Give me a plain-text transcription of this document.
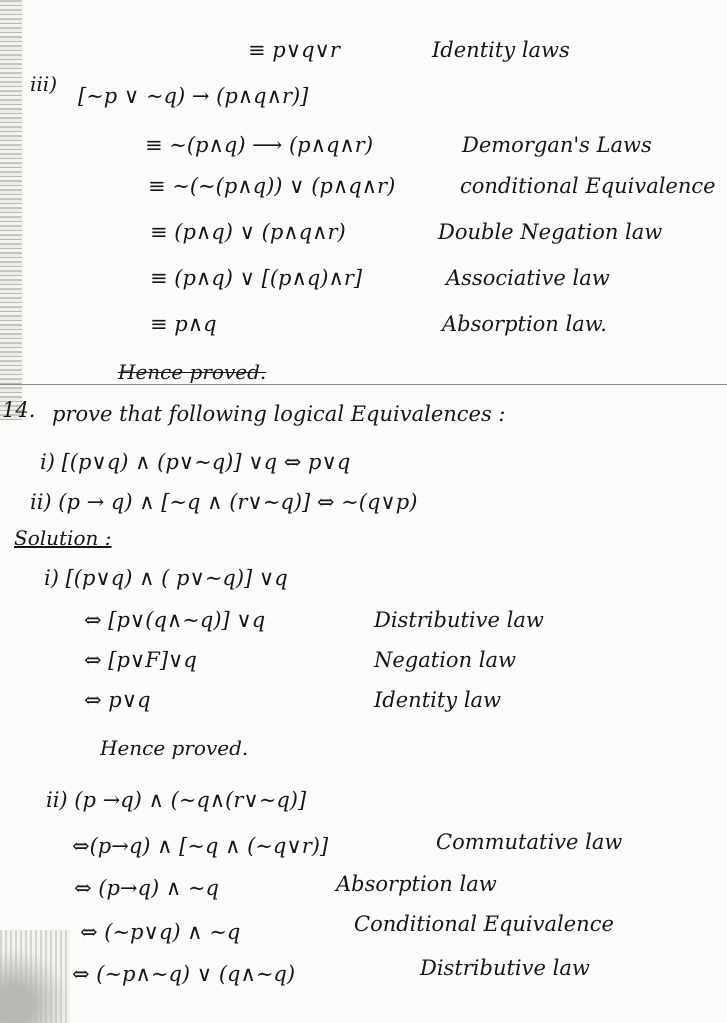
≡ p∨q∨r	Identity laws
iii) [∼p ∨ ∼q) → (p∧q∧r)]
≡ ∼(p∧q) ⟶ (p∧q∧r)	Demorgan's Laws
≡ ∼(∼(p∧q)) ∨ (p∧q∧r)	conditional Equivalence
≡ (p∧q) ∨ (p∧q∧r)	Double Negation law
≡ (p∧q) ∨ [(p∧q)∧r]	Associative law
≡ p∧q	Absorption law.
Hence proved.
14. prove that following logical Equivalences :
i) [(p∨q) ∧ (p∨∼q)] ∨q ⇔ p∨q
ii) (p → q) ∧ [∼q ∧ (r∨∼q)] ⇔ ∼(q∨p)
Solution :
i) [(p∨q) ∧ ( p∨∼q)] ∨q
⇔ [p∨(q∧∼q)] ∨q	Distributive law
⇔ [p∨F]∨q	Negation law
⇔ p∨q	Identity law
Hence proved.
ii) (p →q) ∧ (∼q∧(r∨∼q)]
⇔(p→q) ∧ [∼q ∧ (∼q∨r)]	Commutative law
⇔ (p→q) ∧ ∼q	Absorption law
⇔ (∼p∨q) ∧ ∼q	Conditional Equivalence
⇔ (∼p∧∼q) ∨ (q∧∼q)	Distributive law
